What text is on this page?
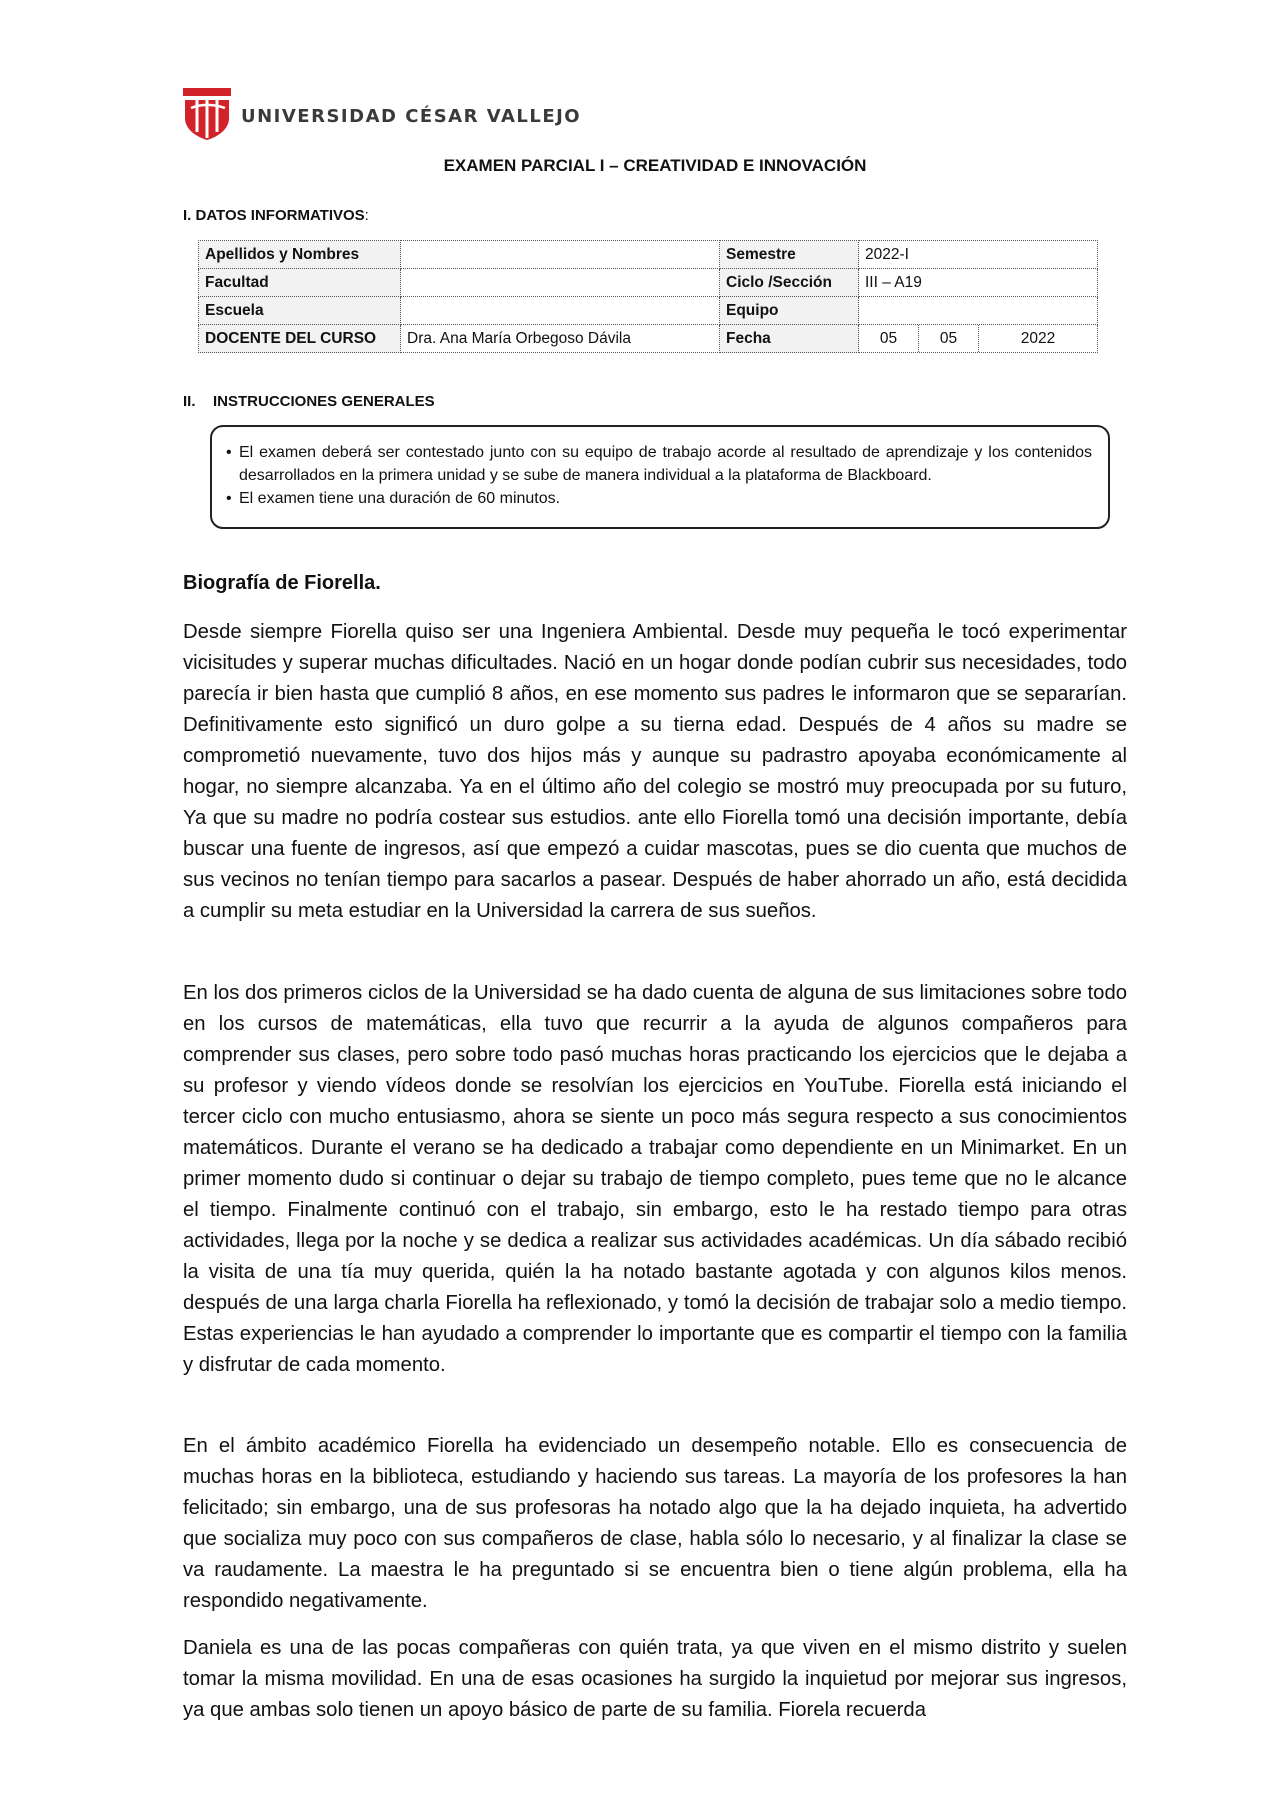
UNIVERSIDAD CÉSAR VALLEJO
EXAMEN PARCIAL I – CREATIVIDAD E INNOVACIÓN
I. DATOS INFORMATIVOS:
Apellidos y Nombres		Semestre	2022-I
Facultad		Ciclo /Sección	III – A19
Escuela		Equipo	
DOCENTE DEL CURSO	Dra. Ana María Orbegoso Dávila	Fecha	05 05 2022
II. INSTRUCCIONES GENERALES
• El examen deberá ser contestado junto con su equipo de trabajo acorde al resultado de aprendizaje y los contenidos desarrollados en la primera unidad y se sube de manera individual a la plataforma de Blackboard.
• El examen tiene una duración de 60 minutos.
Biografía de Fiorella.
Desde siempre Fiorella quiso ser una Ingeniera Ambiental. Desde muy pequeña le tocó experimentar vicisitudes y superar muchas dificultades. Nació en un hogar donde podían cubrir sus necesidades, todo parecía ir bien hasta que cumplió 8 años, en ese momento sus padres le informaron que se separarían. Definitivamente esto significó un duro golpe a su tierna edad. Después de 4 años su madre se comprometió nuevamente, tuvo dos hijos más y aunque su padrastro apoyaba económicamente al hogar, no siempre alcanzaba. Ya en el último año del colegio se mostró muy preocupada por su futuro, Ya que su madre no podría costear sus estudios. ante ello Fiorella tomó una decisión importante, debía buscar una fuente de ingresos, así que empezó a cuidar mascotas, pues se dio cuenta que muchos de sus vecinos no tenían tiempo para sacarlos a pasear. Después de haber ahorrado un año, está decidida a cumplir su meta estudiar en la Universidad la carrera de sus sueños.
En los dos primeros ciclos de la Universidad se ha dado cuenta de alguna de sus limitaciones sobre todo en los cursos de matemáticas, ella tuvo que recurrir a la ayuda de algunos compañeros para comprender sus clases, pero sobre todo pasó muchas horas practicando los ejercicios que le dejaba a su profesor y viendo vídeos donde se resolvían los ejercicios en YouTube. Fiorella está iniciando el tercer ciclo con mucho entusiasmo, ahora se siente un poco más segura respecto a sus conocimientos matemáticos. Durante el verano se ha dedicado a trabajar como dependiente en un Minimarket. En un primer momento dudo si continuar o dejar su trabajo de tiempo completo, pues teme que no le alcance el tiempo. Finalmente continuó con el trabajo, sin embargo, esto le ha restado tiempo para otras actividades, llega por la noche y se dedica a realizar sus actividades académicas. Un día sábado recibió la visita de una tía muy querida, quién la ha notado bastante agotada y con algunos kilos menos. después de una larga charla Fiorella ha reflexionado, y tomó la decisión de trabajar solo a medio tiempo. Estas experiencias le han ayudado a comprender lo importante que es compartir el tiempo con la familia y disfrutar de cada momento.
En el ámbito académico Fiorella ha evidenciado un desempeño notable. Ello es consecuencia de muchas horas en la biblioteca, estudiando y haciendo sus tareas. La mayoría de los profesores la han felicitado; sin embargo, una de sus profesoras ha notado algo que la ha dejado inquieta, ha advertido que socializa muy poco con sus compañeros de clase, habla sólo lo necesario, y al finalizar la clase se va raudamente. La maestra le ha preguntado si se encuentra bien o tiene algún problema, ella ha respondido negativamente.
Daniela es una de las pocas compañeras con quién trata, ya que viven en el mismo distrito y suelen tomar la misma movilidad. En una de esas ocasiones ha surgido la inquietud por mejorar sus ingresos, ya que ambas solo tienen un apoyo básico de parte de su familia. Fiorela recuerda
